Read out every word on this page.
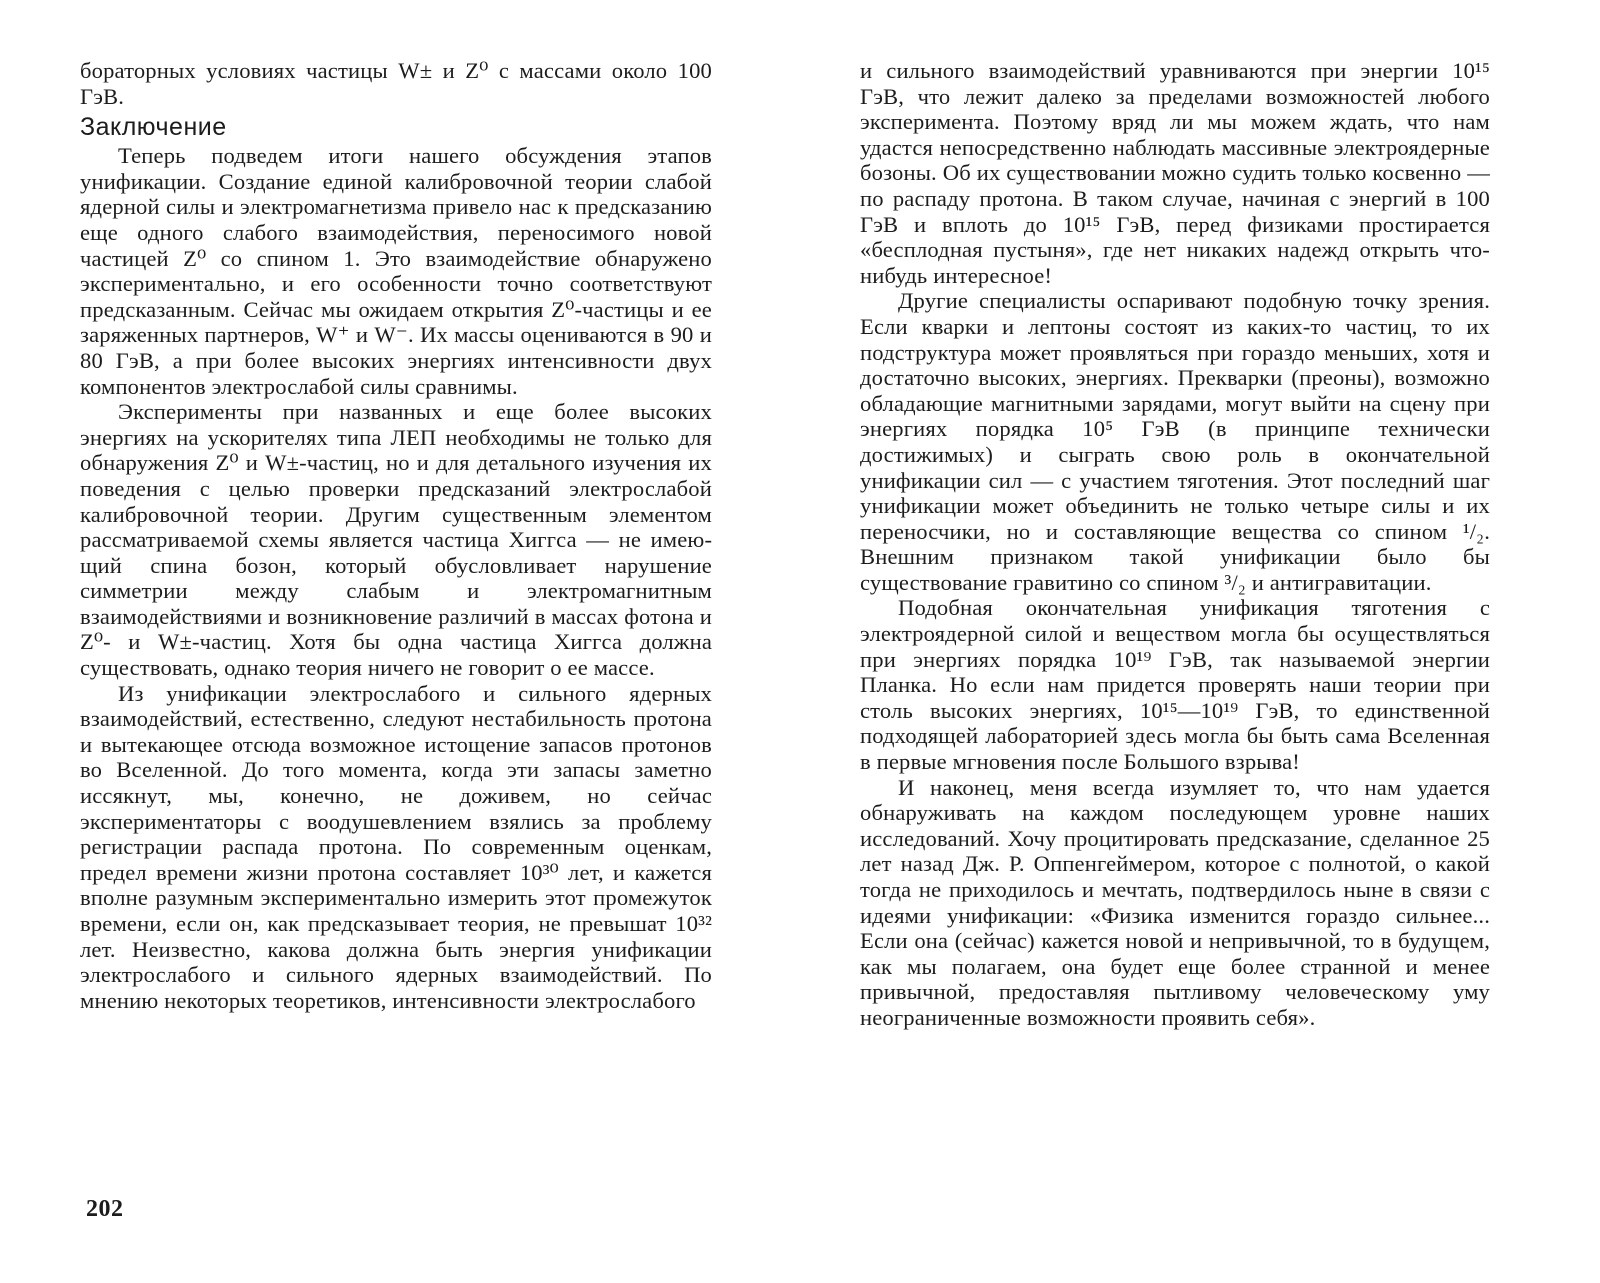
бораторных условиях частицы W± и Z⁰ с массами около 100 ГэВ.

Заключение

Теперь подведем итоги нашего обсуждения этапов унификации. Создание единой калибровочной теории слабой ядерной силы и электромагнетизма привело нас к предсказанию еще одного слабого взаимодействия, переносимого новой частицей Z⁰ со спином 1. Это взаимодействие обнаружено экспериментально, и его особенности точно соответствуют предсказанным. Сейчас мы ожидаем открытия Z⁰-частицы и ее заряженных партнеров, W⁺ и W⁻. Их массы оцениваются в 90 и 80 ГэВ, а при более высоких энергиях интенсивности двух компонентов электрослабой силы сравнимы.

Эксперименты при названных и еще более высоких энергиях на ускорителях типа ЛЕП необходимы не только для обнаружения Z⁰ и W±-частиц, но и для детального изучения их поведения с целью проверки предсказаний электрослабой калибровочной теории. Другим существенным элементом рассматриваемой схемы является частица Хиггса — не имеющий спина бозон, который обусловливает нарушение симметрии между слабым и электромагнитным взаимодействиями и возникновение различий в массах фотона и Z⁰- и W±-частиц. Хотя бы одна частица Хиггса должна существовать, однако теория ничего не говорит о ее массе.

Из унификации электрослабого и сильного ядерных взаимодействий, естественно, следуют нестабильность протона и вытекающее отсюда возможное истощение запасов протонов во Вселенной. До того момента, когда эти запасы заметно иссякнут, мы, конечно, не доживем, но сейчас экспериментаторы с воодушевлением взялись за проблему регистрации распада протона. По современным оценкам, предел времени жизни протона составляет 10³⁰ лет, и кажется вполне разумным экспериментально измерить этот промежуток времени, если он, как предсказывает теория, не превышат 10³² лет. Неизвестно, какова должна быть энергия унификации электрослабого и сильного ядерных взаимодействий. По мнению некоторых теоретиков, интенсивности электрослабого

202

и сильного взаимодействий уравниваются при энергии 10¹⁵ ГэВ, что лежит далеко за пределами возможностей любого эксперимента. Поэтому вряд ли мы можем ждать, что нам удастся непосредственно наблюдать массивные электроядерные бозоны. Об их существовании можно судить только косвенно — по распаду протона. В таком случае, начиная с энергий в 100 ГэВ и вплоть до 10¹⁵ ГэВ, перед физиками простирается «бесплодная пустыня», где нет никаких надежд открыть что-нибудь интересное!

Другие специалисты оспаривают подобную точку зрения. Если кварки и лептоны состоят из каких-то частиц, то их подструктура может проявляться при гораздо меньших, хотя и достаточно высоких, энергиях. Прекварки (преоны), возможно обладающие магнитными зарядами, могут выйти на сцену при энергиях порядка 10⁵ ГэВ (в принципе технически достижимых) и сыграть свою роль в окончательной унификации сил — с участием тяготения. Этот последний шаг унификации может объединить не только четыре силы и их переносчики, но и составляющие вещества со спином ¹/₂. Внешним признаком такой унификации было бы существование гравитино со спином ³/₂ и антигравитации.

Подобная окончательная унификация тяготения с электроядерной силой и веществом могла бы осуществляться при энергиях порядка 10¹⁹ ГэВ, так называемой энергии Планка. Но если нам придется проверять наши теории при столь высоких энергиях, 10¹⁵—10¹⁹ ГэВ, то единственной подходящей лабораторией здесь могла бы быть сама Вселенная в первые мгновения после Большого взрыва!

И наконец, меня всегда изумляет то, что нам удается обнаруживать на каждом последующем уровне наших исследований. Хочу процитировать предсказание, сделанное 25 лет назад Дж. Р. Оппенгеймером, которое с полнотой, о какой тогда не приходилось и мечтать, подтвердилось ныне в связи с идеями унификации: «Физика изменится гораздо сильнее... Если она (сейчас) кажется новой и непривычной, то в будущем, как мы полагаем, она будет еще более странной и менее привычной, предоставляя пытливому человеческому уму неограниченные возможности проявить себя».
